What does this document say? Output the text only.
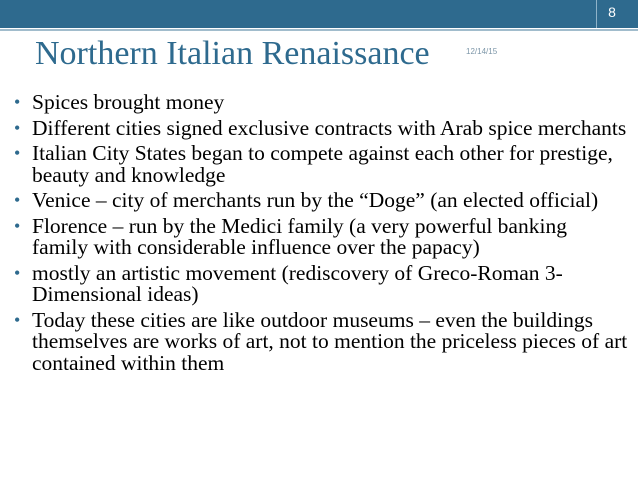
8
Northern Italian Renaissance	12/14/15
• Spices brought money
• Different cities signed exclusive contracts with Arab spice merchants
• Italian City States began to compete against each other for prestige, beauty and knowledge
• Venice – city of merchants run by the “Doge” (an elected official)
• Florence – run by the Medici family (a very powerful banking family with considerable influence over the papacy)
• mostly an artistic movement (rediscovery of Greco-Roman 3-Dimensional ideas)
• Today these cities are like outdoor museums – even the buildings themselves are works of art, not to mention the priceless pieces of art contained within them
